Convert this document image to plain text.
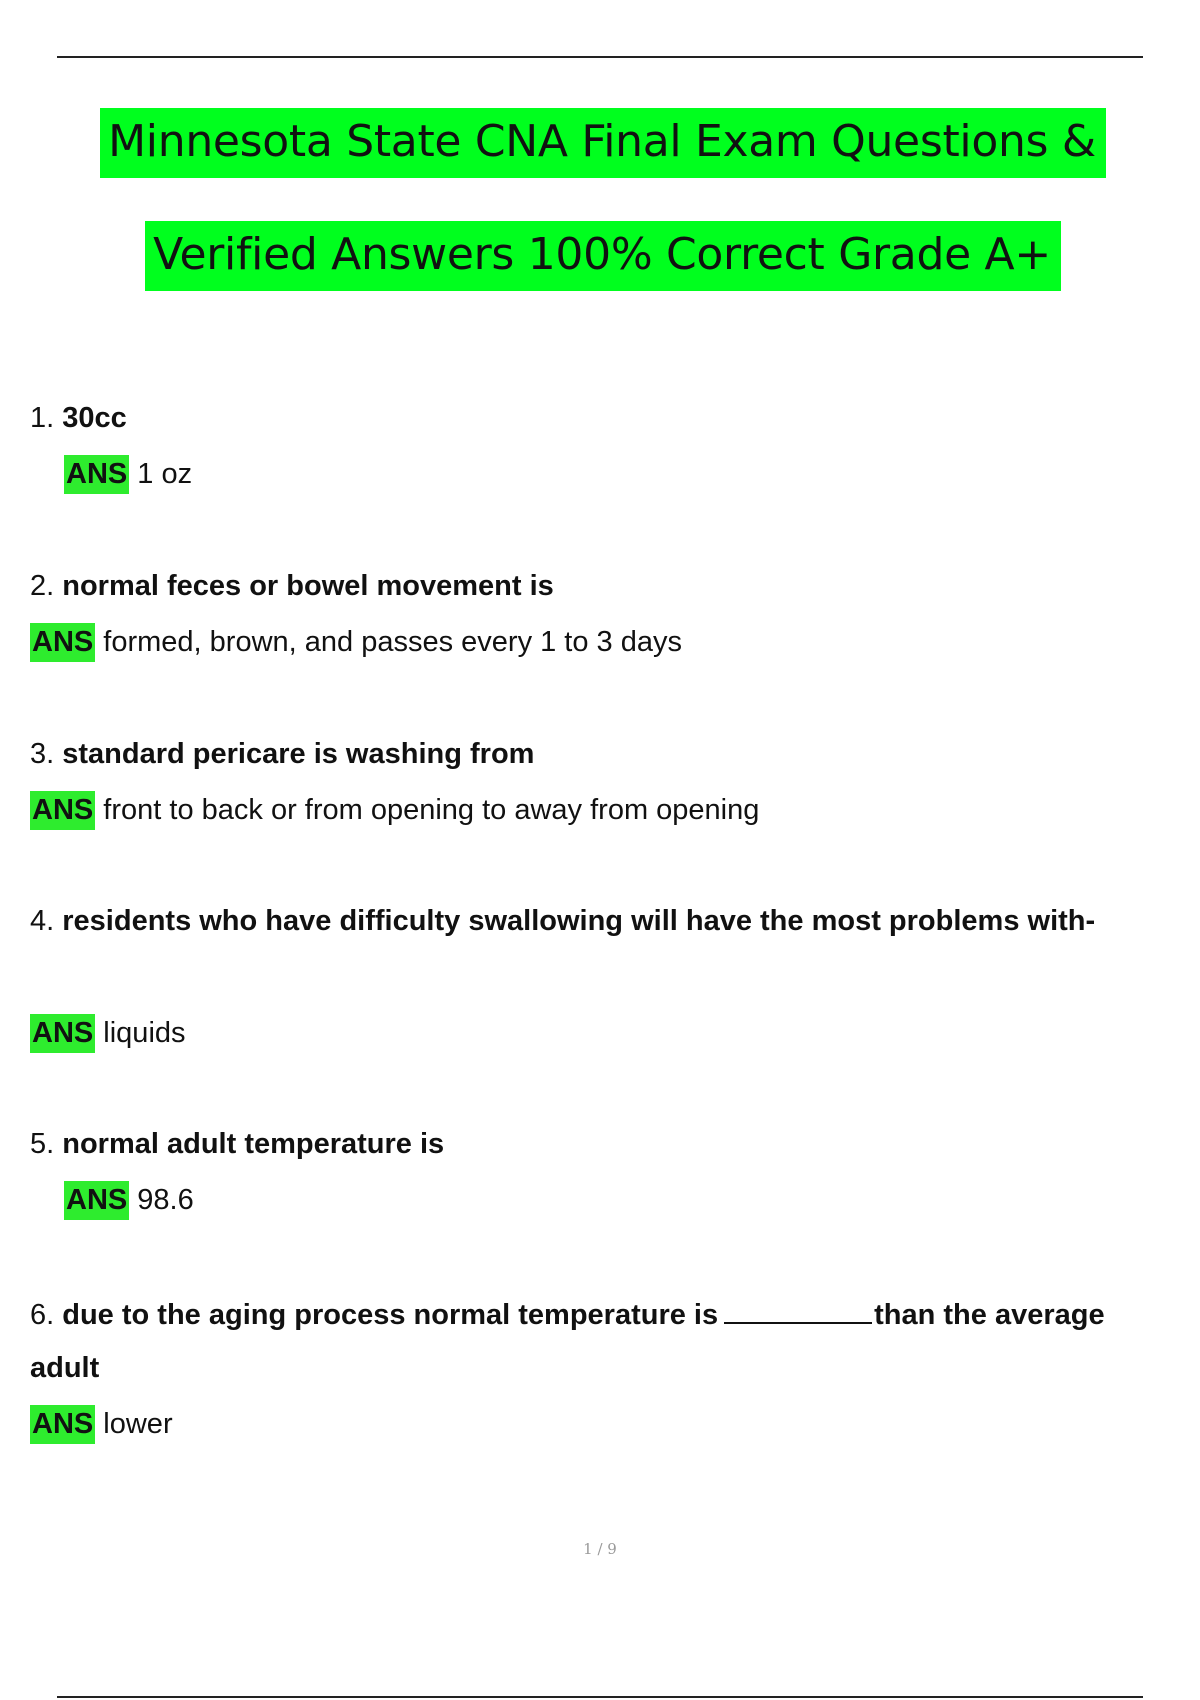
Minnesota State CNA Final Exam Questions &
Verified Answers 100% Correct Grade A+

1. 30cc

ANS 1 oz

2. normal feces or bowel movement is

ANS formed, brown, and passes every 1 to 3 days

3. standard pericare is washing from

ANS front to back or from opening to away from opening

4. residents who have difficulty swallowing will have the most problems with-

ANS liquids

5. normal adult temperature is

ANS 98.6

6. due to the aging process normal temperature is	than the average

adult

ANS lower

1 / 9
